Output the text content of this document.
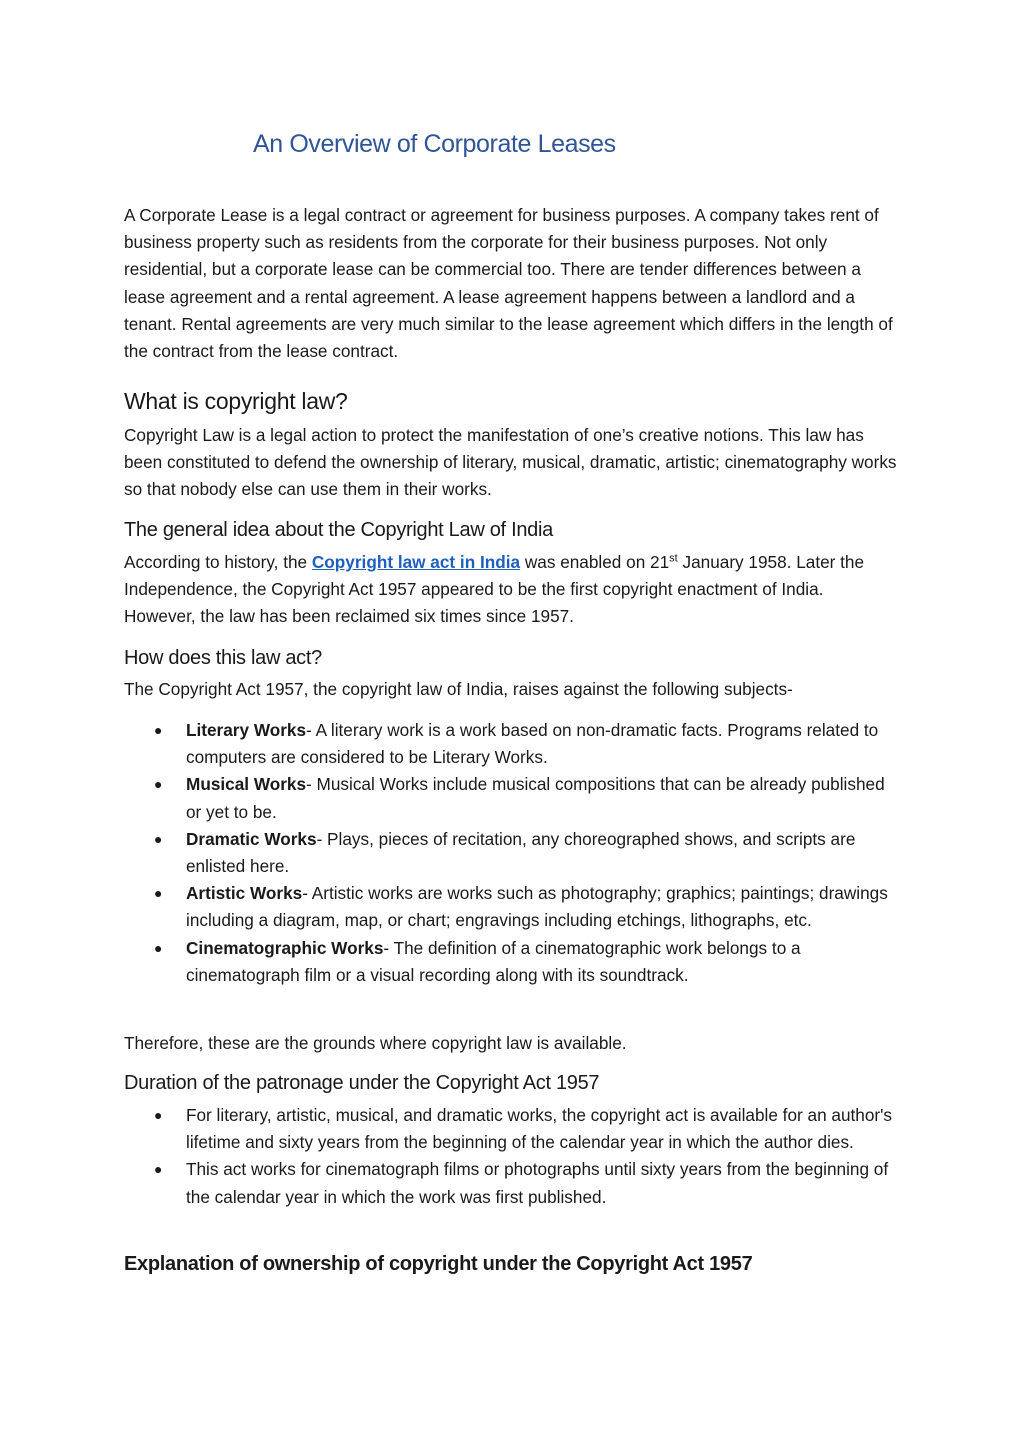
An Overview of Corporate Leases

A Corporate Lease is a legal contract or agreement for business purposes. A company takes rent of business property such as residents from the corporate for their business purposes. Not only residential, but a corporate lease can be commercial too. There are tender differences between a lease agreement and a rental agreement. A lease agreement happens between a landlord and a tenant. Rental agreements are very much similar to the lease agreement which differs in the length of the contract from the lease contract.

What is copyright law?

Copyright Law is a legal action to protect the manifestation of one’s creative notions. This law has been constituted to defend the ownership of literary, musical, dramatic, artistic; cinematography works so that nobody else can use them in their works.

The general idea about the Copyright Law of India

According to history, the Copyright law act in India was enabled on 21st January 1958. Later the Independence, the Copyright Act 1957 appeared to be the first copyright enactment of India. However, the law has been reclaimed six times since 1957.

How does this law act?

The Copyright Act 1957, the copyright law of India, raises against the following subjects-

● Literary Works- A literary work is a work based on non-dramatic facts. Programs related to computers are considered to be Literary Works.
● Musical Works- Musical Works include musical compositions that can be already published or yet to be.
● Dramatic Works- Plays, pieces of recitation, any choreographed shows, and scripts are enlisted here.
● Artistic Works- Artistic works are works such as photography; graphics; paintings; drawings including a diagram, map, or chart; engravings including etchings, lithographs, etc.
● Cinematographic Works- The definition of a cinematographic work belongs to a cinematograph film or a visual recording along with its soundtrack.

Therefore, these are the grounds where copyright law is available.

Duration of the patronage under the Copyright Act 1957
● For literary, artistic, musical, and dramatic works, the copyright act is available for an author's lifetime and sixty years from the beginning of the calendar year in which the author dies.
● This act works for cinematograph films or photographs until sixty years from the beginning of the calendar year in which the work was first published.
Explanation of ownership of copyright under the Copyright Act 1957
